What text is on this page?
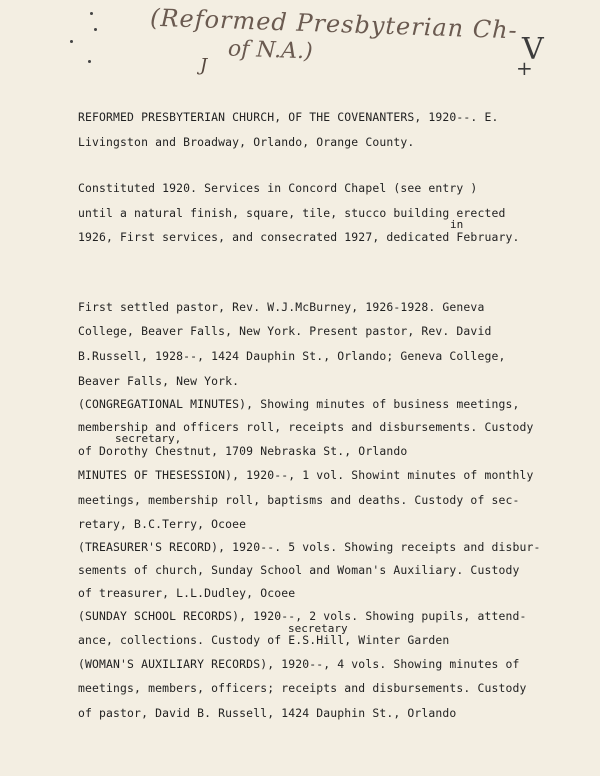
(Reformed Presbyterian Ch-
of N.A.)
J	V
+
REFORMED PRESBYTERIAN CHURCH, OF THE COVENANTERS, 1920--. E.
Livingston and Broadway, Orlando, Orange County.
Constituted 1920. Services in Concord Chapel (see entry )
until a natural finish, square, tile, stucco building erected
in
1926, First services, and consecrated 1927, dedicated February.
First settled pastor, Rev. W.J.McBurney, 1926-1928. Geneva
College, Beaver Falls, New York. Present pastor, Rev. David
B.Russell, 1928--, 1424 Dauphin St., Orlando; Geneva College,
Beaver Falls, New York.
(CONGREGATIONAL MINUTES), Showing minutes of business meetings,
membership and officers roll, receipts and disbursements. Custody
secretary,
of Dorothy Chestnut, 1709 Nebraska St., Orlando
MINUTES OF THESESSION), 1920--, 1 vol. Showint minutes of monthly
meetings, membership roll, baptisms and deaths. Custody of sec-
retary, B.C.Terry, Ocoee
(TREASURER'S RECORD), 1920--. 5 vols. Showing receipts and disbur-
sements of church, Sunday School and Woman's Auxiliary. Custody
of treasurer, L.L.Dudley, Ocoee
(SUNDAY SCHOOL RECORDS), 1920--, 2 vols. Showing pupils, attend-
secretary
ance, collections. Custody of E.S.Hill, Winter Garden
(WOMAN'S AUXILIARY RECORDS), 1920--, 4 vols. Showing minutes of
meetings, members, officers; receipts and disbursements. Custody
of pastor, David B. Russell, 1424 Dauphin St., Orlando
